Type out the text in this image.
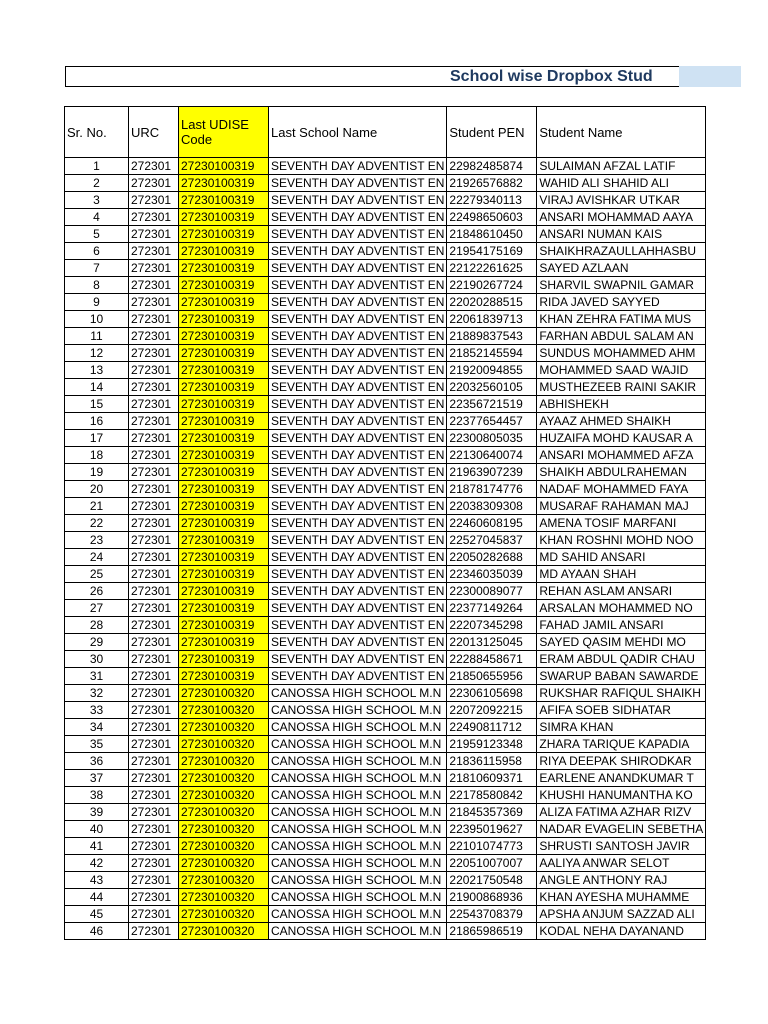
School wise Dropbox Stud
Sr. No.	URC	Last UDISE Code	Last School Name	Student PEN	Student Name
1	272301	27230100319	SEVENTH DAY ADVENTIST EN	22982485874	SULAIMAN AFZAL LATIF
2	272301	27230100319	SEVENTH DAY ADVENTIST EN	21926576882	WAHID ALI SHAHID ALI
3	272301	27230100319	SEVENTH DAY ADVENTIST EN	22279340113	VIRAJ AVISHKAR UTKAR
4	272301	27230100319	SEVENTH DAY ADVENTIST EN	22498650603	ANSARI MOHAMMAD AAYA
5	272301	27230100319	SEVENTH DAY ADVENTIST EN	21848610450	ANSARI NUMAN KAIS
6	272301	27230100319	SEVENTH DAY ADVENTIST EN	21954175169	SHAIKHRAZAULLAHHASBU
7	272301	27230100319	SEVENTH DAY ADVENTIST EN	22122261625	SAYED AZLAAN
8	272301	27230100319	SEVENTH DAY ADVENTIST EN	22190267724	SHARVIL SWAPNIL GAMAR
9	272301	27230100319	SEVENTH DAY ADVENTIST EN	22020288515	RIDA JAVED SAYYED
10	272301	27230100319	SEVENTH DAY ADVENTIST EN	22061839713	KHAN ZEHRA FATIMA MUS
11	272301	27230100319	SEVENTH DAY ADVENTIST EN	21889837543	FARHAN ABDUL SALAM AN
12	272301	27230100319	SEVENTH DAY ADVENTIST EN	21852145594	SUNDUS MOHAMMED AHM
13	272301	27230100319	SEVENTH DAY ADVENTIST EN	21920094855	MOHAMMED SAAD WAJID
14	272301	27230100319	SEVENTH DAY ADVENTIST EN	22032560105	MUSTHEZEEB RAINI SAKIR
15	272301	27230100319	SEVENTH DAY ADVENTIST EN	22356721519	ABHISHEKH
16	272301	27230100319	SEVENTH DAY ADVENTIST EN	22377654457	AYAAZ AHMED SHAIKH
17	272301	27230100319	SEVENTH DAY ADVENTIST EN	22300805035	HUZAIFA MOHD KAUSAR A
18	272301	27230100319	SEVENTH DAY ADVENTIST EN	22130640074	ANSARI MOHAMMED AFZA
19	272301	27230100319	SEVENTH DAY ADVENTIST EN	21963907239	SHAIKH ABDULRAHEMAN
20	272301	27230100319	SEVENTH DAY ADVENTIST EN	21878174776	NADAF MOHAMMED FAYA
21	272301	27230100319	SEVENTH DAY ADVENTIST EN	22038309308	MUSARAF RAHAMAN MAJ
22	272301	27230100319	SEVENTH DAY ADVENTIST EN	22460608195	AMENA TOSIF MARFANI
23	272301	27230100319	SEVENTH DAY ADVENTIST EN	22527045837	KHAN ROSHNI MOHD NOO
24	272301	27230100319	SEVENTH DAY ADVENTIST EN	22050282688	MD SAHID ANSARI
25	272301	27230100319	SEVENTH DAY ADVENTIST EN	22346035039	MD AYAAN SHAH
26	272301	27230100319	SEVENTH DAY ADVENTIST EN	22300089077	REHAN ASLAM ANSARI
27	272301	27230100319	SEVENTH DAY ADVENTIST EN	22377149264	ARSALAN MOHAMMED NO
28	272301	27230100319	SEVENTH DAY ADVENTIST EN	22207345298	FAHAD JAMIL ANSARI
29	272301	27230100319	SEVENTH DAY ADVENTIST EN	22013125045	SAYED QASIM MEHDI MO
30	272301	27230100319	SEVENTH DAY ADVENTIST EN	22288458671	ERAM ABDUL QADIR CHAU
31	272301	27230100319	SEVENTH DAY ADVENTIST EN	21850655956	SWARUP BABAN SAWARDE
32	272301	27230100320	CANOSSA HIGH SCHOOL M.N	22306105698	RUKSHAR RAFIQUL SHAIKH
33	272301	27230100320	CANOSSA HIGH SCHOOL M.N	22072092215	AFIFA SOEB SIDHATAR
34	272301	27230100320	CANOSSA HIGH SCHOOL M.N	22490811712	SIMRA KHAN
35	272301	27230100320	CANOSSA HIGH SCHOOL M.N	21959123348	ZHARA TARIQUE KAPADIA
36	272301	27230100320	CANOSSA HIGH SCHOOL M.N	21836115958	RIYA DEEPAK SHIRODKAR
37	272301	27230100320	CANOSSA HIGH SCHOOL M.N	21810609371	EARLENE ANANDKUMAR T
38	272301	27230100320	CANOSSA HIGH SCHOOL M.N	22178580842	KHUSHI HANUMANTHA KO
39	272301	27230100320	CANOSSA HIGH SCHOOL M.N	21845357369	ALIZA FATIMA AZHAR RIZV
40	272301	27230100320	CANOSSA HIGH SCHOOL M.N	22395019627	NADAR EVAGELIN SEBETHA
41	272301	27230100320	CANOSSA HIGH SCHOOL M.N	22101074773	SHRUSTI SANTOSH JAVIR
42	272301	27230100320	CANOSSA HIGH SCHOOL M.N	22051007007	AALIYA ANWAR SELOT
43	272301	27230100320	CANOSSA HIGH SCHOOL M.N	22021750548	ANGLE ANTHONY RAJ
44	272301	27230100320	CANOSSA HIGH SCHOOL M.N	21900868936	KHAN AYESHA MUHAMME
45	272301	27230100320	CANOSSA HIGH SCHOOL M.N	22543708379	APSHA ANJUM SAZZAD ALI
46	272301	27230100320	CANOSSA HIGH SCHOOL M.N	21865986519	KODAL NEHA DAYANAND
